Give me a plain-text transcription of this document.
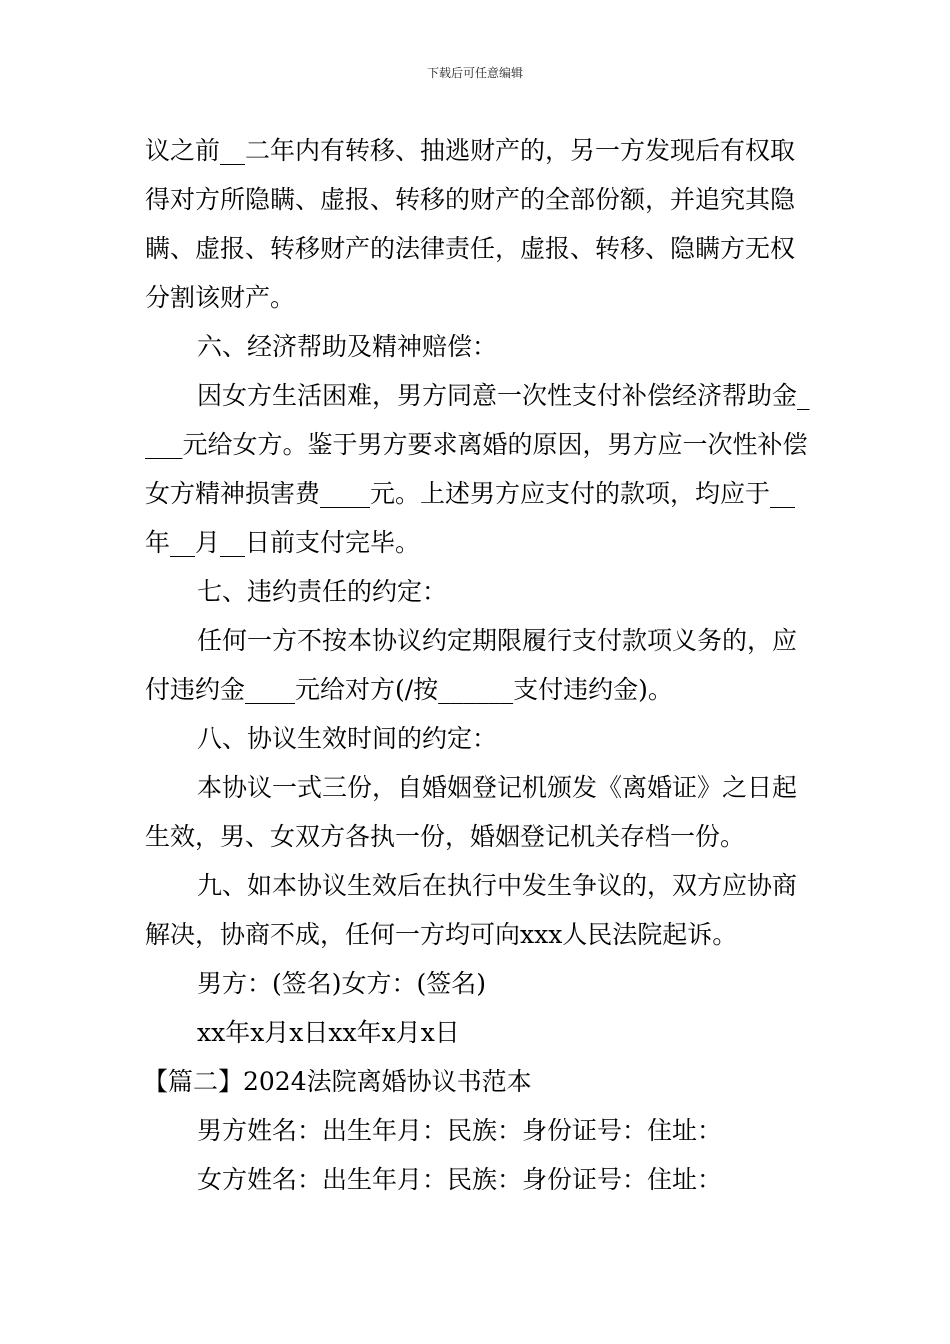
下载后可任意编辑

议之前__二年内有转移、抽逃财产的，另一方发现后有权取得对方所隐瞒、虚报、转移的财产的全部份额，并追究其隐瞒、虚报、转移财产的法律责任，虚报、转移、隐瞒方无权分割该财产。

六、经济帮助及精神赔偿：

因女方生活困难，男方同意一次性支付补偿经济帮助金____元给女方。鉴于男方要求离婚的原因，男方应一次性补偿女方精神损害费____元。上述男方应支付的款项，均应于__年__月__日前支付完毕。

七、违约责任的约定：

任何一方不按本协议约定期限履行支付款项义务的，应付违约金____元给对方(/按______支付违约金)。

八、协议生效时间的约定：

本协议一式三份，自婚姻登记机颁发《离婚证》之日起生效，男、女双方各执一份，婚姻登记机关存档一份。

九、如本协议生效后在执行中发生争议的，双方应协商解决，协商不成，任何一方均可向xxx人民法院起诉。

男方：(签名)女方：(签名)

xx年x月x日xx年x月x日

【篇二】2024法院离婚协议书范本

男方姓名：出生年月：民族：身份证号：住址：

女方姓名：出生年月：民族：身份证号：住址：
